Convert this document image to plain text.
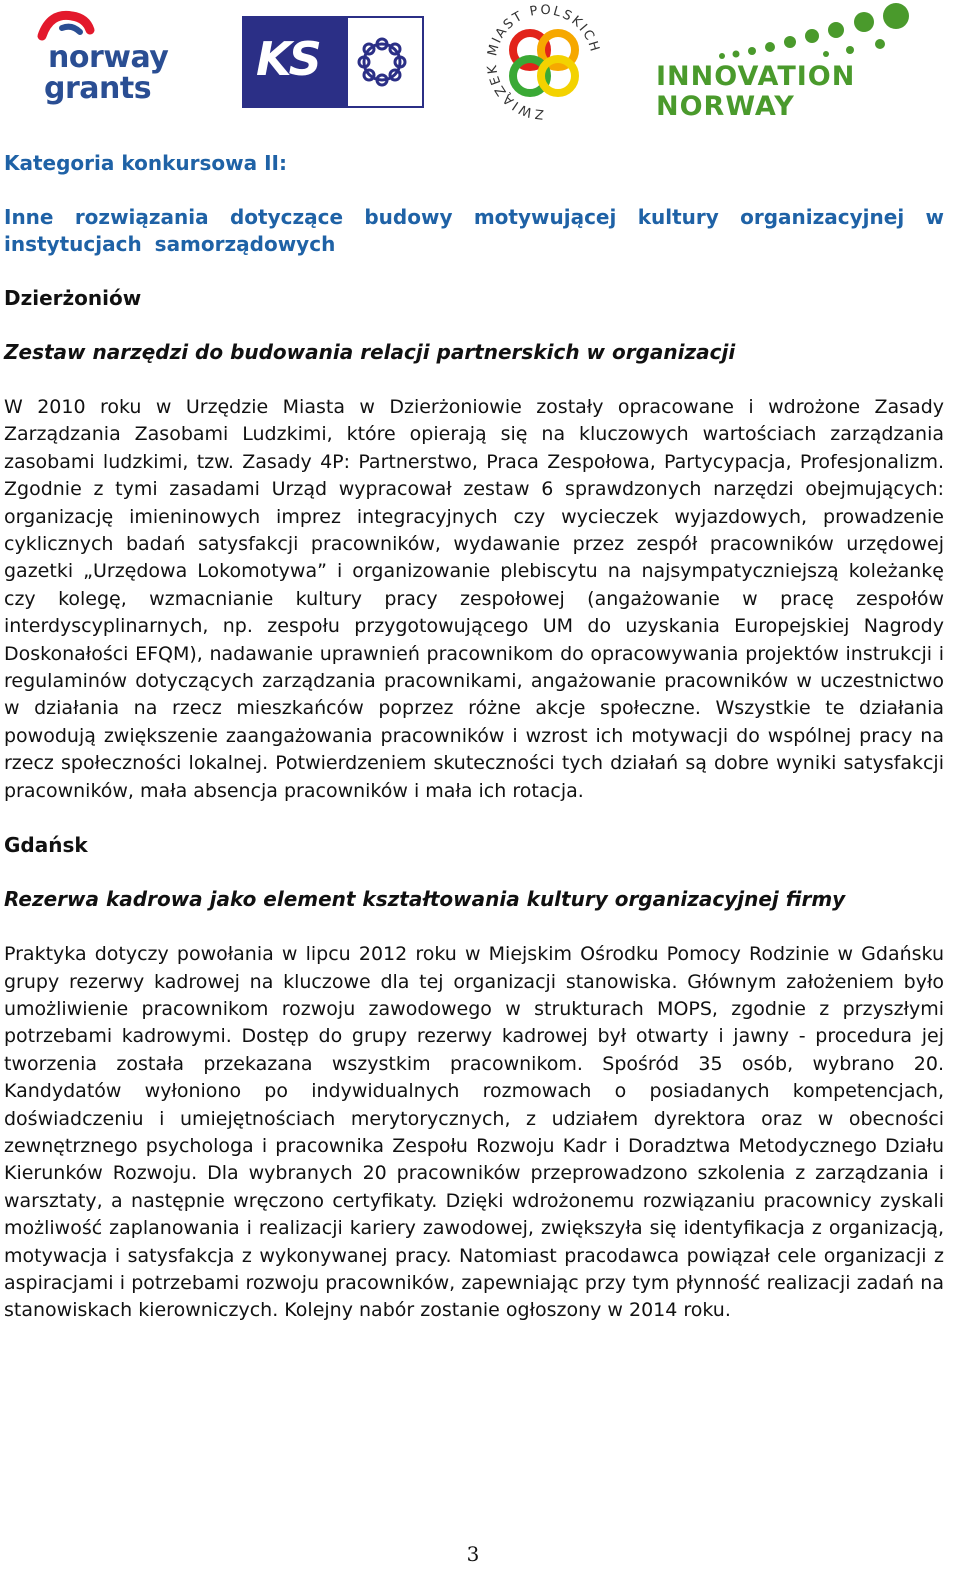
norway
grants
KS
ZWIĄZEK MIAST POLSKICH
INNOVATION
NORWAY

Kategoria konkursowa II:

Inne rozwiązania dotyczące budowy motywującej kultury organizacyjnej w instytucjach samorządowych

Dzierżoniów

Zestaw narzędzi do budowania relacji partnerskich w organizacji

W 2010 roku w Urzędzie Miasta w Dzierżoniowie zostały opracowane i wdrożone Zasady Zarządzania Zasobami Ludzkimi, które opierają się na kluczowych wartościach zarządzania zasobami ludzkimi, tzw. Zasady 4P: Partnerstwo, Praca Zespołowa, Partycypacja, Profesjonalizm. Zgodnie z tymi zasadami Urząd wypracował zestaw 6 sprawdzonych narzędzi obejmujących: organizację imieninowych imprez integracyjnych czy wycieczek wyjazdowych, prowadzenie cyklicznych badań satysfakcji pracowników, wydawanie przez zespół pracowników urzędowej gazetki „Urzędowa Lokomotywa” i organizowanie plebiscytu na najsympatyczniejszą koleżankę czy kolegę, wzmacnianie kultury pracy zespołowej (angażowanie w pracę zespołów interdyscyplinarnych, np. zespołu przygotowującego UM do uzyskania Europejskiej Nagrody Doskonałości EFQM), nadawanie uprawnień pracownikom do opracowywania projektów instrukcji i regulaminów dotyczących zarządzania pracownikami, angażowanie pracowników w uczestnictwo w działania na rzecz mieszkańców poprzez różne akcje społeczne. Wszystkie te działania powodują zwiększenie zaangażowania pracowników i wzrost ich motywacji do wspólnej pracy na rzecz społeczności lokalnej. Potwierdzeniem skuteczności tych działań są dobre wyniki satysfakcji pracowników, mała absencja pracowników i mała ich rotacja.

Gdańsk

Rezerwa kadrowa jako element kształtowania kultury organizacyjnej firmy

Praktyka dotyczy powołania w lipcu 2012 roku w Miejskim Ośrodku Pomocy Rodzinie w Gdańsku grupy rezerwy kadrowej na kluczowe dla tej organizacji stanowiska. Głównym założeniem było umożliwienie pracownikom rozwoju zawodowego w strukturach MOPS, zgodnie z przyszłymi potrzebami kadrowymi. Dostęp do grupy rezerwy kadrowej był otwarty i jawny - procedura jej tworzenia została przekazana wszystkim pracownikom. Spośród 35 osób, wybrano 20. Kandydatów wyłoniono po indywidualnych rozmowach o posiadanych kompetencjach, doświadczeniu i umiejętnościach merytorycznych, z udziałem dyrektora oraz w obecności zewnętrznego psychologa i pracownika Zespołu Rozwoju Kadr i Doradztwa Metodycznego Działu Kierunków Rozwoju. Dla wybranych 20 pracowników przeprowadzono szkolenia z zarządzania i warsztaty, a następnie wręczono certyfikaty. Dzięki wdrożonemu rozwiązaniu pracownicy zyskali możliwość zaplanowania i realizacji kariery zawodowej, zwiększyła się identyfikacja z organizacją, motywacja i satysfakcja z wykonywanej pracy. Natomiast pracodawca powiązał cele organizacji z aspiracjami i potrzebami rozwoju pracowników, zapewniając przy tym płynność realizacji zadań na stanowiskach kierowniczych. Kolejny nabór zostanie ogłoszony w 2014 roku.

3
